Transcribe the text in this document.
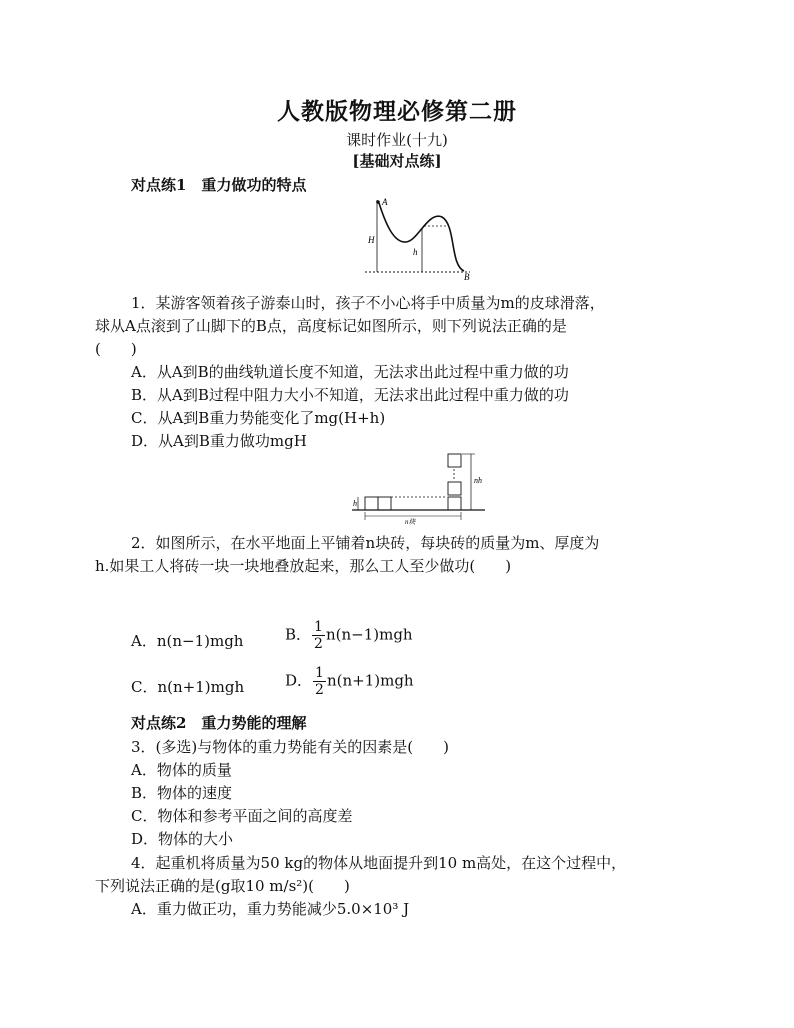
人教版物理必修第二册
课时作业(十九)
[基础对点练]
对点练1　重力做功的特点
A
H
h
B
1．某游客领着孩子游泰山时，孩子不小心将手中质量为m的皮球滑落，
球从A点滚到了山脚下的B点，高度标记如图所示，则下列说法正确的是
(　　)
A．从A到B的曲线轨道长度不知道，无法求出此过程中重力做的功
B．从A到B过程中阻力大小不知道，无法求出此过程中重力做的功
C．从A到B重力势能变化了mg(H+h)
D．从A到B重力做功mgH
h
nh
n块
2．如图所示，在水平地面上平铺着n块砖，每块砖的质量为m、厚度为
h.如果工人将砖一块一块地叠放起来，那么工人至少做功(　　)
A．n(n−1)mgh	B． $\frac{1}{2} n(n-1)mgh$
C．n(n+1)mgh	D． $\frac{1}{2} n(n+1)mgh$
对点练2　重力势能的理解
3．(多选)与物体的重力势能有关的因素是(　　)
A．物体的质量
B．物体的速度
C．物体和参考平面之间的高度差
D．物体的大小
4．起重机将质量为50 kg的物体从地面提升到10 m高处，在这个过程中，
下列说法正确的是(g取10 m/s²)(　　)
A．重力做正功，重力势能减少5.0×10³ J
